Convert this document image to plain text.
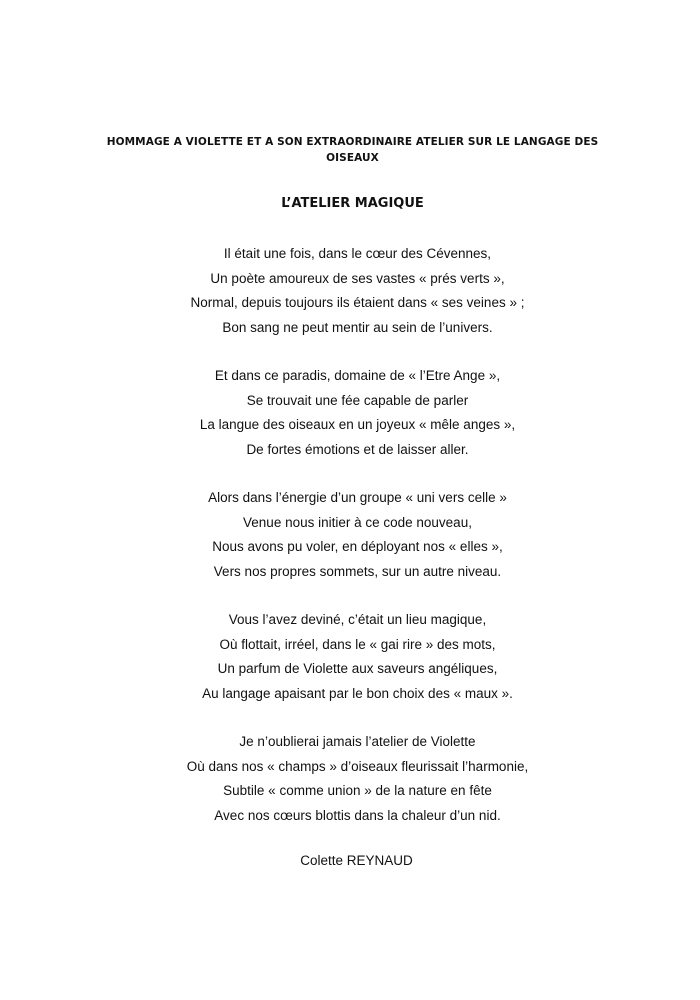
HOMMAGE A VIOLETTE ET A SON EXTRAORDINAIRE ATELIER SUR LE LANGAGE DES
OISEAUX
L’ATELIER MAGIQUE
Il était une fois, dans le cœur des Cévennes,
Un poète amoureux de ses vastes « prés verts »,
Normal, depuis toujours ils étaient dans « ses veines » ;
Bon sang ne peut mentir au sein de l’univers.
Et dans ce paradis, domaine de « l’Etre Ange »,
Se trouvait une fée capable de parler
La langue des oiseaux en un joyeux « mêle anges »,
De fortes émotions et de laisser aller.
Alors dans l’énergie d’un groupe « uni vers celle »
Venue nous initier à ce code nouveau,
Nous avons pu voler, en déployant nos « elles »,
Vers nos propres sommets, sur un autre niveau.
Vous l’avez deviné, c’était un lieu magique,
Où flottait, irréel, dans le « gai rire » des mots,
Un parfum de Violette aux saveurs angéliques,
Au langage apaisant par le bon choix des « maux ».
Je n’oublierai jamais l’atelier de Violette
Où dans nos « champs » d’oiseaux fleurissait l’harmonie,
Subtile « comme union » de la nature en fête
Avec nos cœurs blottis dans la chaleur d’un nid.
Colette REYNAUD
